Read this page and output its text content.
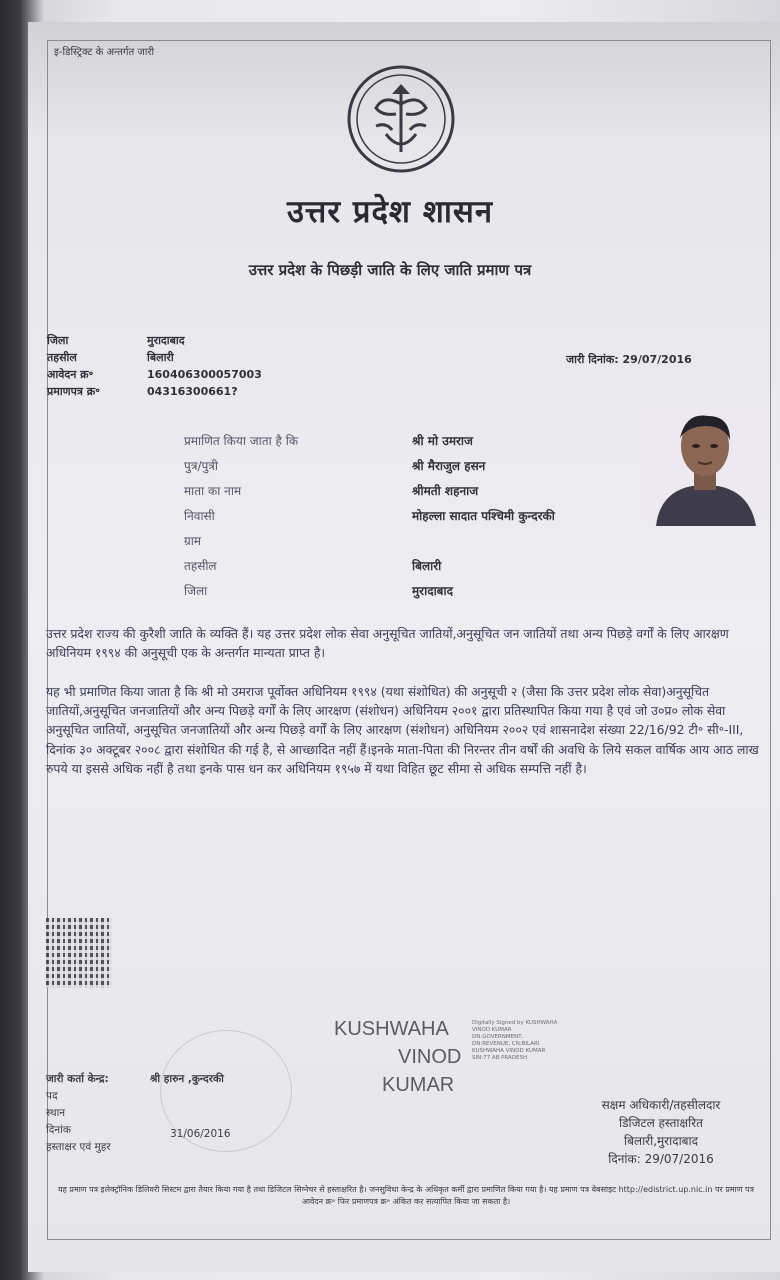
इ-डिस्ट्रिक्ट के अन्तर्गत जारी
उत्तर प्रदेश शासन
उत्तर प्रदेश के पिछड़ी जाति के लिए जाति प्रमाण पत्र
जिला	मुरादाबाद
तहसील	बिलारी
आवेदन क्र॰	160406300057003
प्रमाणपत्र क्र॰	04316300661?
जारी दिनांक: 29/07/2016
प्रमाणित किया जाता है कि	श्री मो उमराज
पुत्र/पुत्री	श्री मैराजुल हसन
माता का नाम	श्रीमती शहनाज
निवासी	मोहल्ला सादात पश्चिमी कुन्दरकी
ग्राम
तहसील	बिलारी
जिला	मुरादाबाद
उत्तर प्रदेश राज्य की कुरैशी जाति के व्यक्ति हैं। यह उत्तर प्रदेश लोक सेवा अनुसूचित जातियों,अनुसूचित जन जातियों तथा अन्य पिछड़े वर्गों के लिए आरक्षण अधिनियम १९९४ की अनुसूची एक के अन्तर्गत मान्यता प्राप्त है।
यह भी प्रमाणित किया जाता है कि श्री मो उमराज पूर्वोक्त अधिनियम १९९४ (यथा संशोधित) की अनुसूची २ (जैसा कि उत्तर प्रदेश लोक सेवा)अनुसूचित जातियों,अनुसूचित जनजातियों और अन्य पिछड़े वर्गों के लिए आरक्षण (संशोधन) अधिनियम २००१ द्वारा प्रतिस्थापित किया गया है एवं जो उ०प्र० लोक सेवा अनुसूचित जातियों, अनुसूचित जनजातियों और अन्य पिछड़े वर्गों के लिए आरक्षण (संशोधन) अधिनियम २००२ एवं शासनादेश संख्या 22/16/92 टी॰ सी॰-III, दिनांक ३० अक्टूबर २००८ द्वारा संशोधित की गई है, से आच्छादित नहीं हैं।इनके माता-पिता की निरन्तर तीन वर्षों की अवधि के लिये सकल वार्षिक आय आठ लाख रुपये या इससे अधिक नहीं है तथा इनके पास धन कर अधिनियम १९५७ में यथा विहित छूट सीमा से अधिक सम्पत्ति नहीं है।
KUSHWAHA
VINOD
KUMAR
Digitally Signed by KUSHWAHA VINOD KUMAR DN:GOVERNMENT, DN:REVENUE, CN:BILARI KUSHWAHA VINOD KUMAR SIN:77 AB PRADESH
जारी कर्ता केन्द्र:	श्री हारुन ,कुन्दरकी
पद
स्थान
दिनांक	31/06/2016
हस्ताक्षर एवं मुहर
सक्षम अधिकारी/तहसीलदार
डिजिटल हस्ताक्षरित
बिलारी,मुरादाबाद
दिनांक: 29/07/2016
यह प्रमाण पत्र इलेक्ट्रॉनिक डिलिवरी सिस्टम द्वारा तैयार किया गया है तथा डिजिटल सिग्नेचर से हस्ताक्षरित है। जनसुविधा केन्द्र के अधिकृत कर्मी द्वारा प्रमाणित किया गया है। यह प्रमाण पत्र वेबसाइट http://edistrict.up.nic.in पर प्रमाण पत्र आवेदन क्र॰ फिर प्रमाणपत्र क्र॰ अंकित कर सत्यापित किया जा सकता है।
